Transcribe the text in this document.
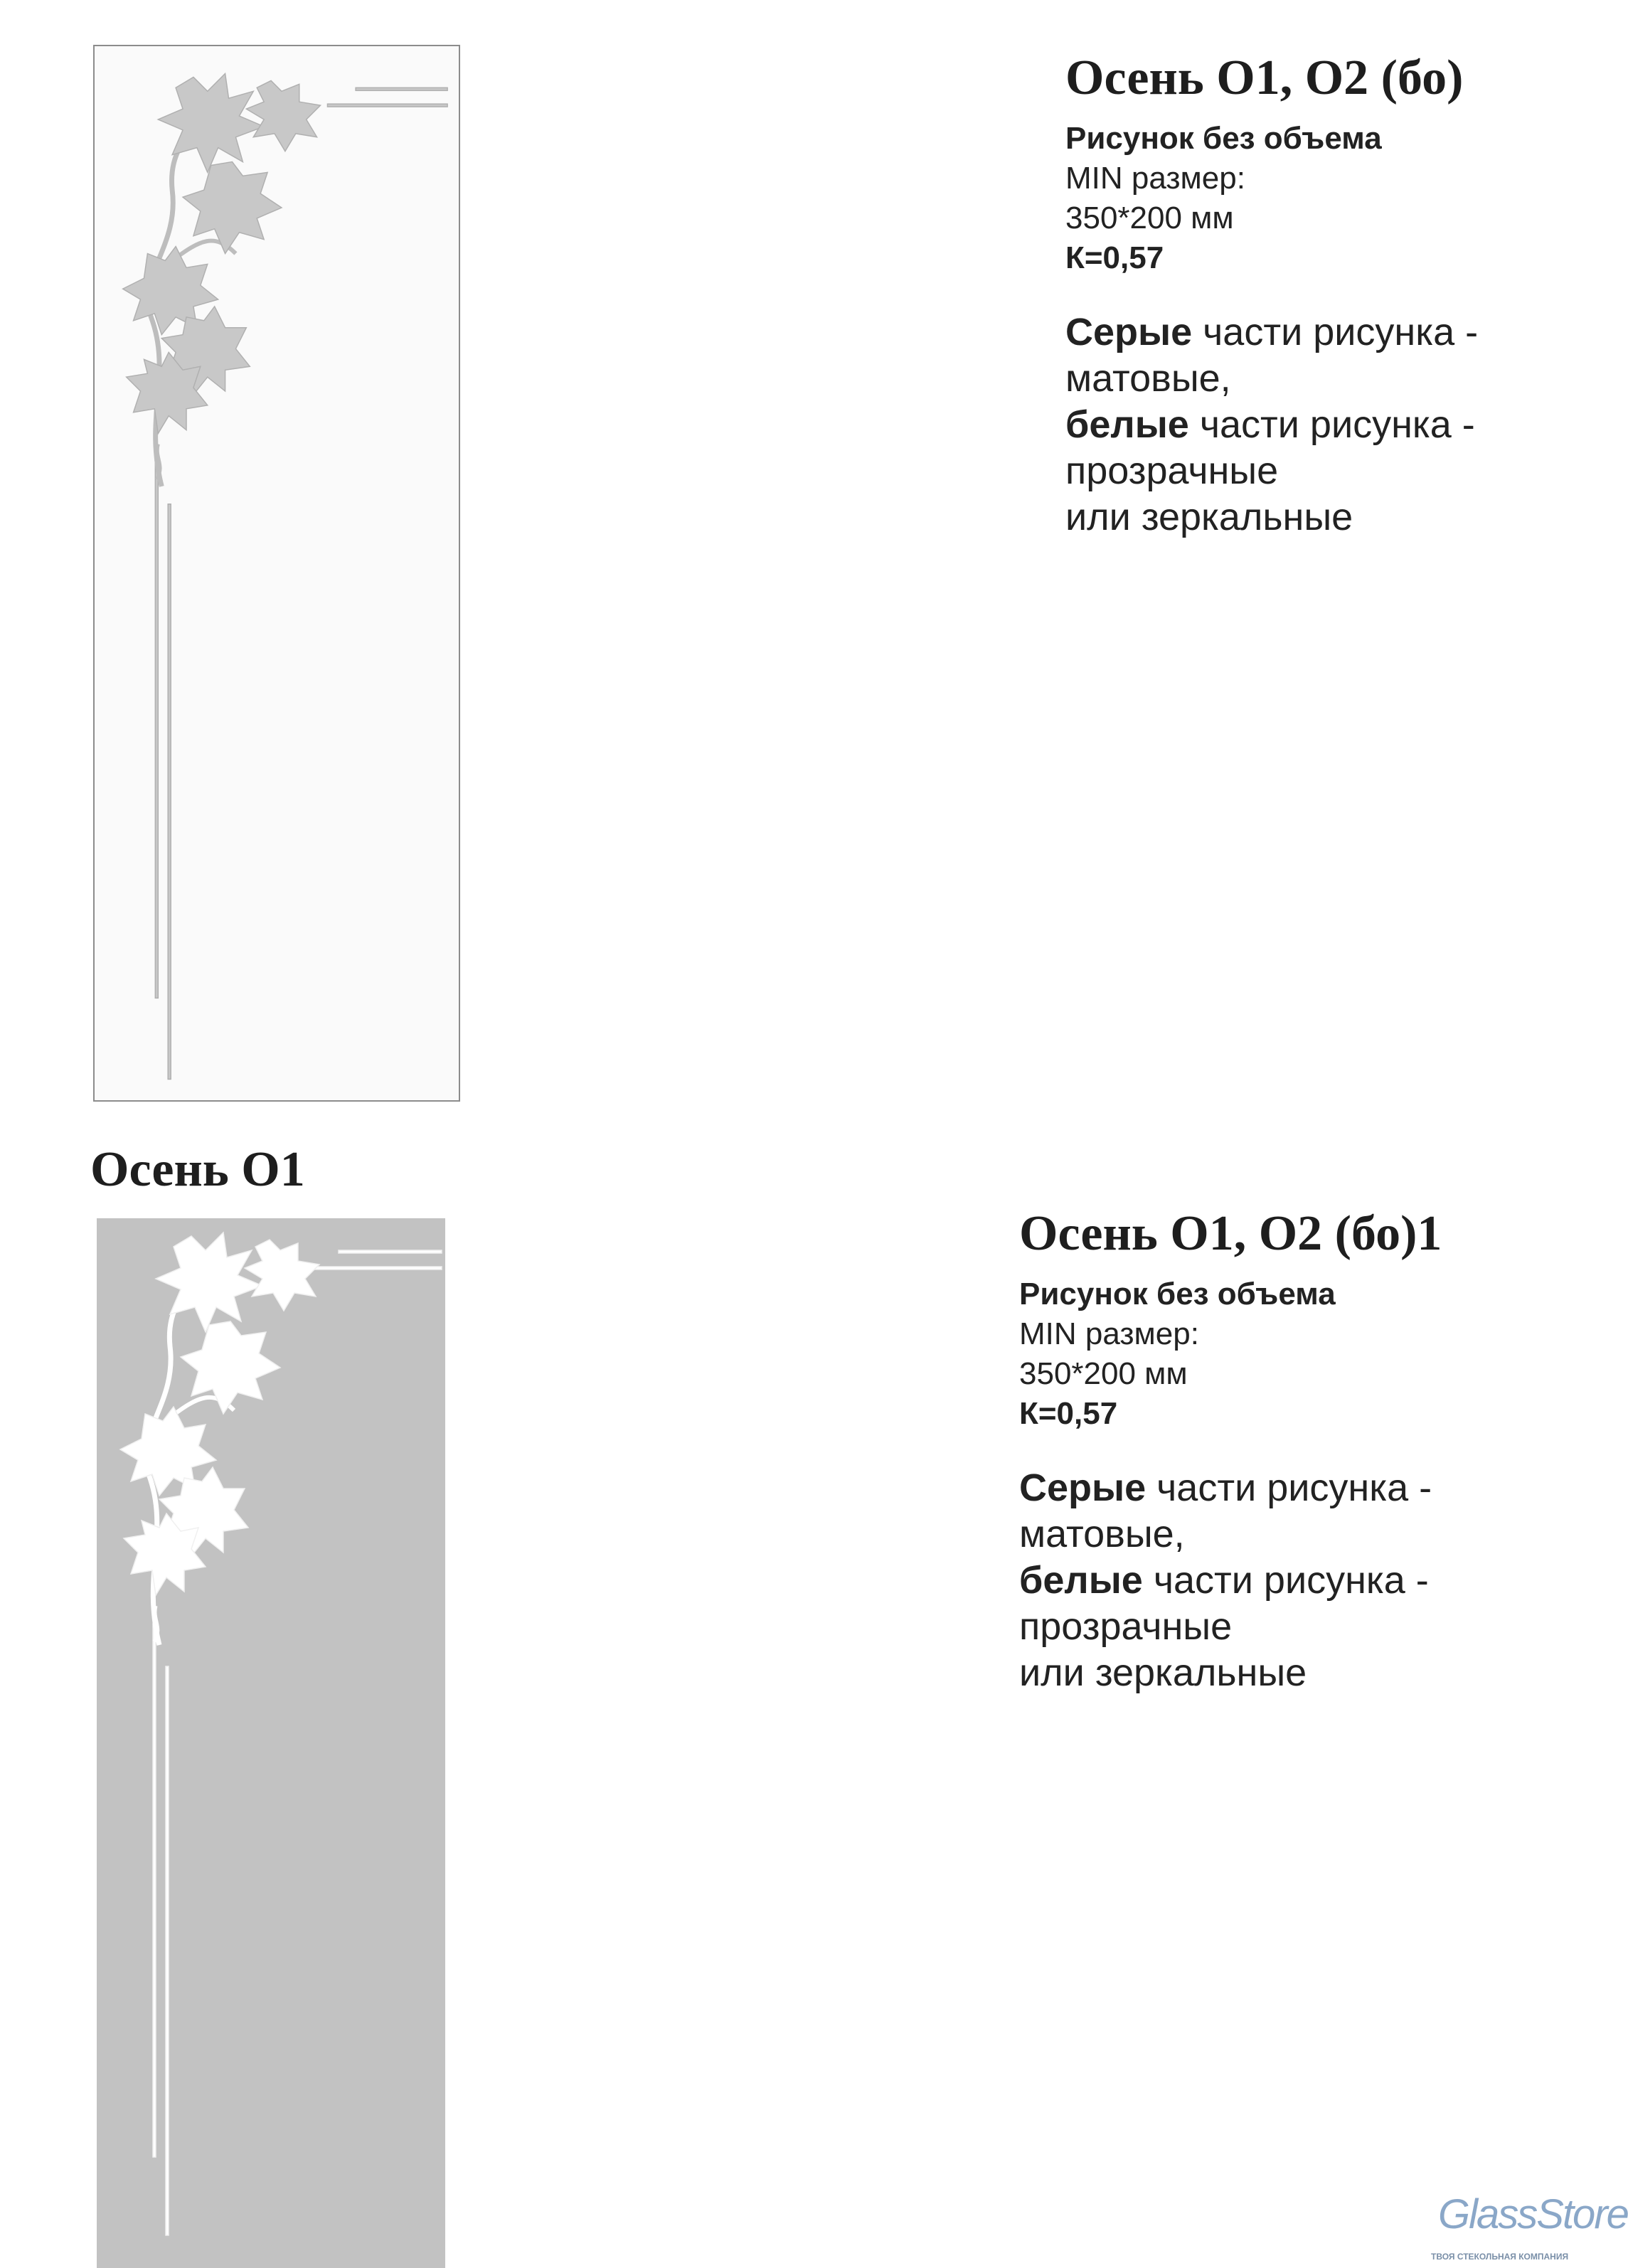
Осень О1, О2 (бо)
Рисунок без объема
MIN размер:
350*200 мм
К=0,57
Серые части рисунка -
матовые,
белые части рисунка -
прозрачные
или зеркальные
Осень О1
Осень О1, О2 (бо)1
Рисунок без объема
MIN размер:
350*200 мм
К=0,57
Серые части рисунка -
матовые,
белые части рисунка -
прозрачные
или зеркальные
GlassStore
ТВОЯ СТЕКОЛЬНАЯ КОМПАНИЯ
